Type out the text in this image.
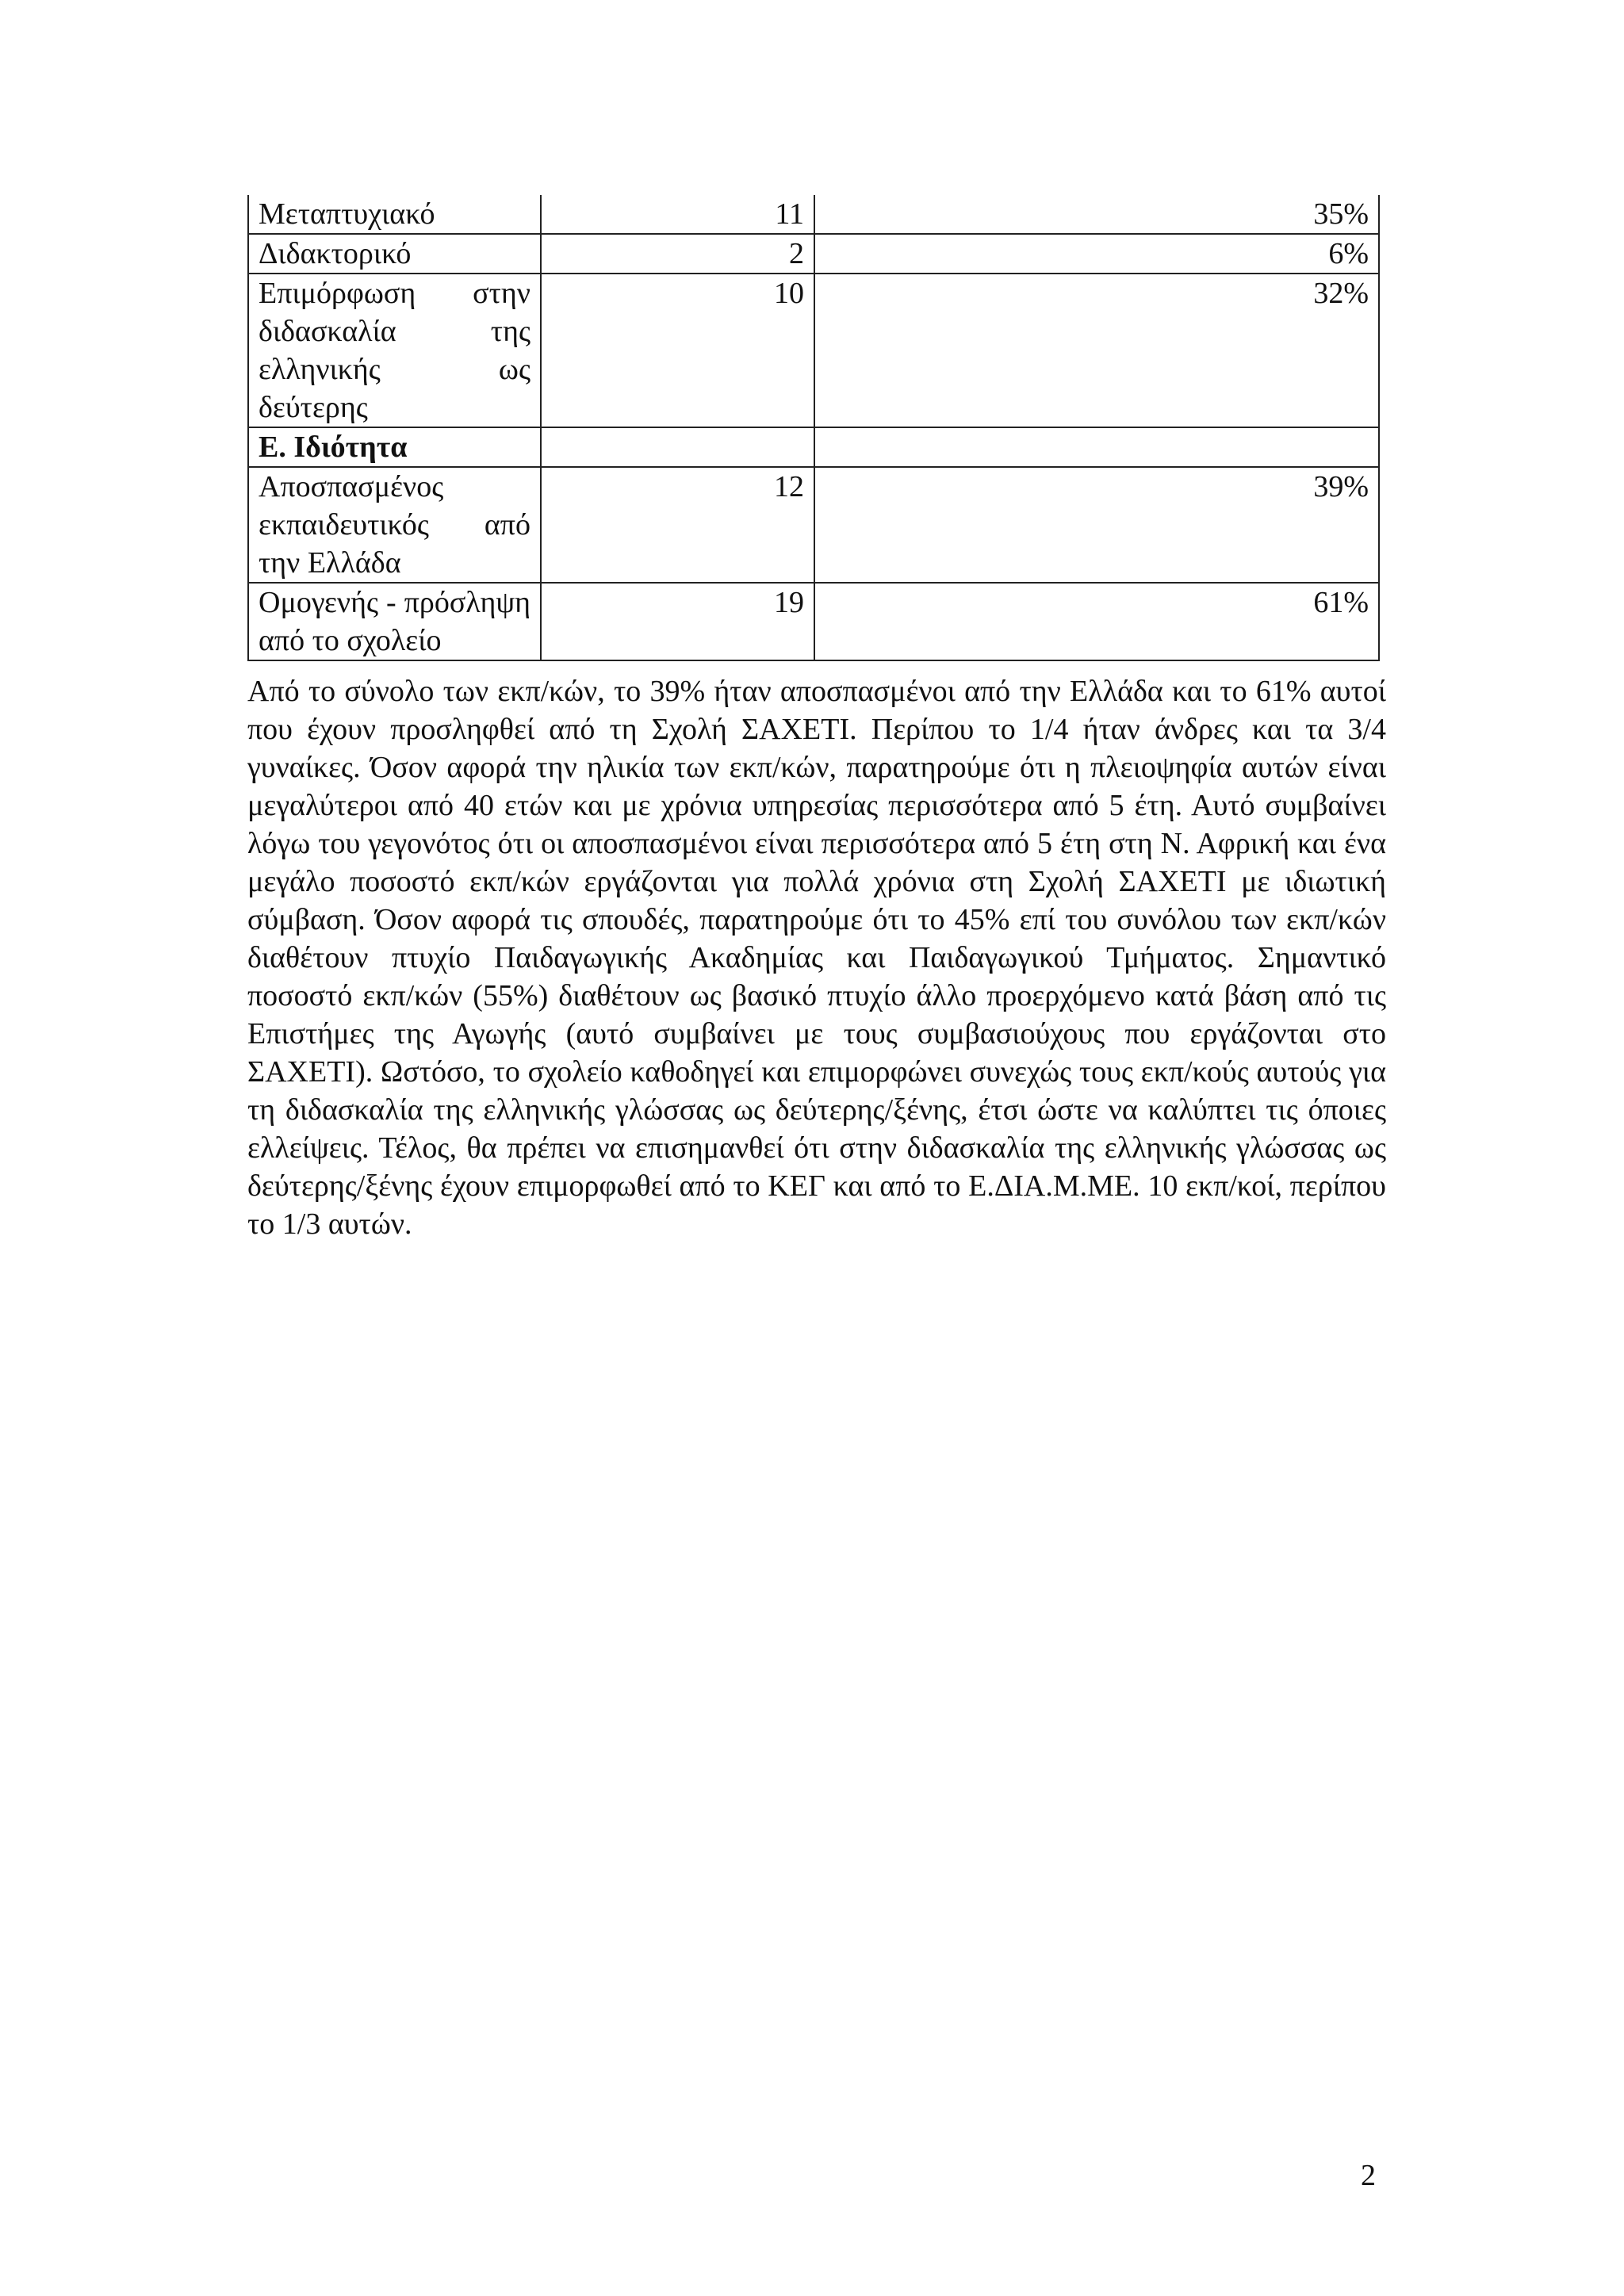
Μεταπτυχιακό	11	35%
Διδακτορικό	2	6%
Επιμόρφωση στην διδασκαλία της ελληνικής ως δεύτερης	10	32%
Ε. Ιδιότητα		
Αποσπασμένος εκπαιδευτικός από την Ελλάδα	12	39%
Ομογενής - πρόσληψη από το σχολείο	19	61%

Από το σύνολο των εκπ/κών, το 39% ήταν αποσπασμένοι από την Ελλάδα και το 61% αυτοί που έχουν προσληφθεί από τη Σχολή ΣΑΧΕΤΙ. Περίπου το 1/4 ήταν άνδρες και τα 3/4 γυναίκες. Όσον αφορά την ηλικία των εκπ/κών, παρατηρούμε ότι η πλειοψηφία αυτών είναι μεγαλύτεροι από 40 ετών και με χρόνια υπηρεσίας περισσότερα από 5 έτη. Αυτό συμβαίνει λόγω του γεγονότος ότι οι αποσπασμένοι είναι περισσότερα από 5 έτη στη Ν. Αφρική και ένα μεγάλο ποσοστό εκπ/κών εργάζονται για πολλά χρόνια στη Σχολή ΣΑΧΕΤΙ με ιδιωτική σύμβαση. Όσον αφορά τις σπουδές, παρατηρούμε ότι το 45% επί του συνόλου των εκπ/κών διαθέτουν πτυχίο Παιδαγωγικής Ακαδημίας και Παιδαγωγικού Τμήματος. Σημαντικό ποσοστό εκπ/κών (55%) διαθέτουν ως βασικό πτυχίο άλλο προερχόμενο κατά βάση από τις Επιστήμες της Αγωγής (αυτό συμβαίνει με τους συμβασιούχους που εργάζονται στο ΣΑΧΕΤΙ). Ωστόσο, το σχολείο καθοδηγεί και επιμορφώνει συνεχώς τους εκπ/κούς αυτούς για τη διδασκαλία της ελληνικής γλώσσας ως δεύτερης/ξένης, έτσι ώστε να καλύπτει τις όποιες ελλείψεις. Τέλος, θα πρέπει να επισημανθεί ότι στην διδασκαλία της ελληνικής γλώσσας ως δεύτερης/ξένης έχουν επιμορφωθεί από το ΚΕΓ και από το Ε.ΔΙΑ.Μ.ΜΕ. 10 εκπ/κοί, περίπου το 1/3 αυτών.

2
